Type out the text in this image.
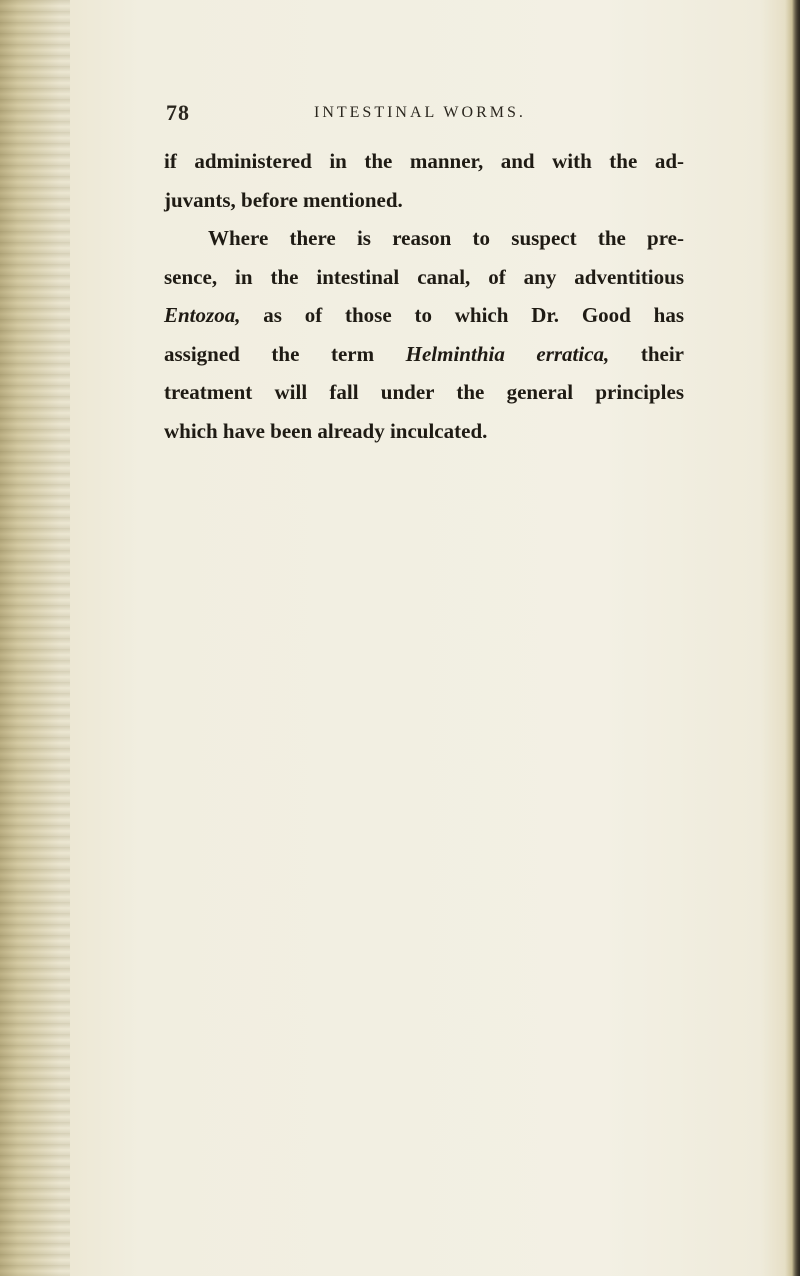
78	INTESTINAL WORMS.

if administered in the manner, and with the ad-
juvants, before mentioned.

Where there is reason to suspect the pre-
sence, in the intestinal canal, of any adventitious
Entozoa, as of those to which Dr. Good has
assigned the term Helminthia erratica, their
treatment will fall under the general principles
which have been already inculcated.
